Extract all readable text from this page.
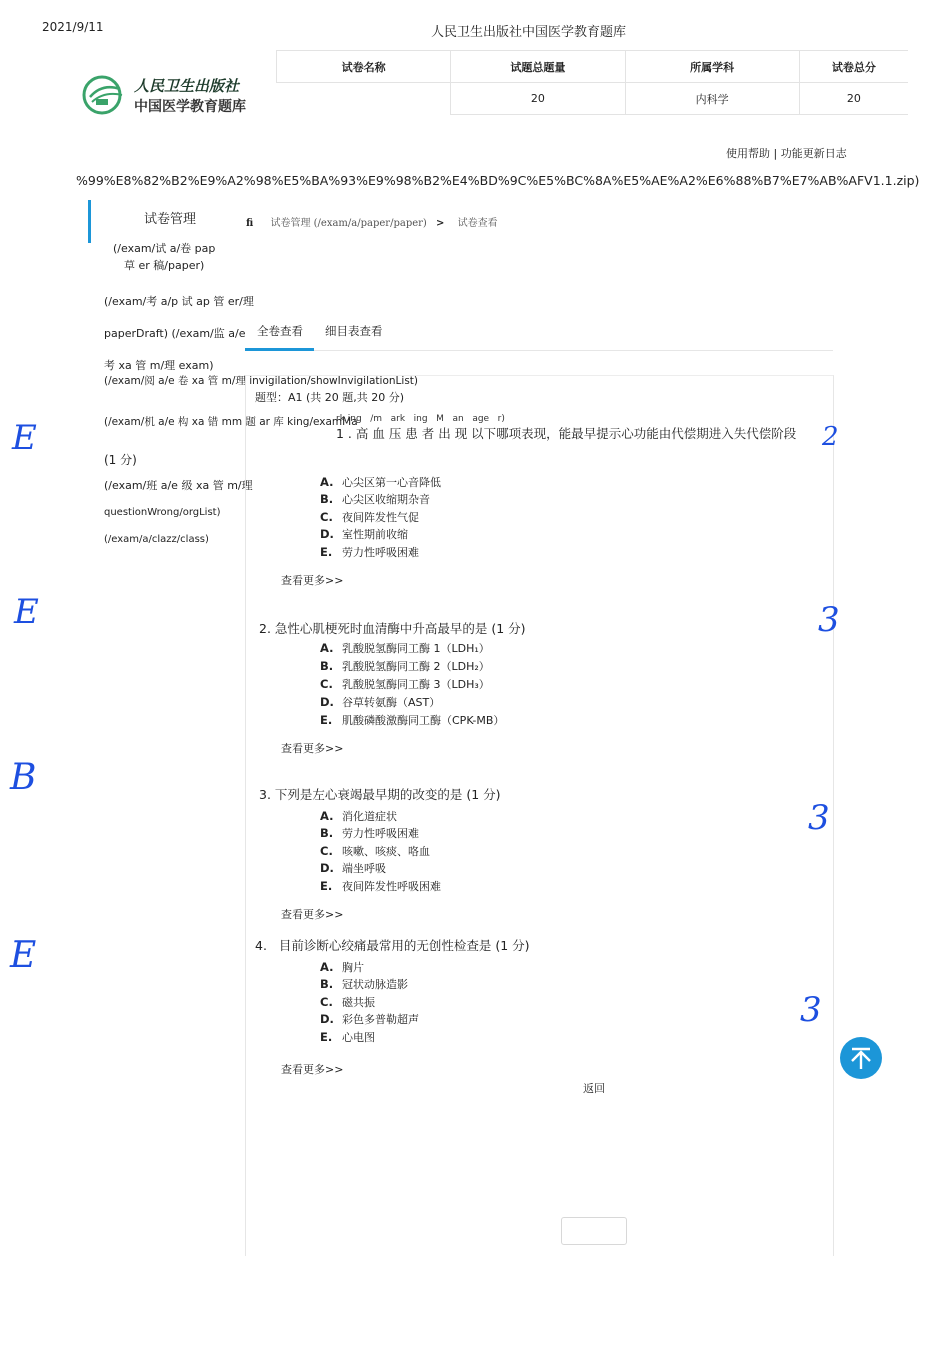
2021/9/11	人民卫生出版社中国医学教育题库
人民卫生出版社
中国医学教育题库
试卷名称	试题总题量	所属学科	试卷总分
	20	内科学	20
使用帮助 | 功能更新日志
%99%E8%82%B2%E9%A2%98%E5%BA%93%E9%98%B2%E4%BD%9C%E5%BC%8A%E5%AE%A2%E6%88%B7%E7%AB%AFV1.1.zip)
试卷管理
(/exam/试 a/卷 pap
草 er 稿/paper)
(/exam/考 a/p 试 ap 管 er/理
paperDraft) (/exam/监 a/e
考 xa 管 m/理 exam)
(/exam/阅 a/e 卷 xa 管 m/理 invigilation/showInvigilationList)
(/exam/机 a/e 构 xa 错 mm 题 ar 库 king/examMa
(1 分)
(/exam/班 a/e 级 xa 管 m/理
questionWrong/orgList)
(/exam/a/clazz/class)
fi 试卷管理 (/exam/a/paper/paper) > 试卷查看
全卷查看 细目表查看
题型：A1 (共 20 题,共 20 分)
rk ing   /m   ark   ing   M   an   age   r)
1 . 高 血 压 患 者 出 现 以下哪项表现，能最早提示心功能由代偿期进入失代偿阶段
A. 心尖区第一心音降低
B. 心尖区收缩期杂音
C. 夜间阵发性气促
D. 室性期前收缩
E. 劳力性呼吸困难
查看更多>>
2. 急性心肌梗死时血清酶中升高最早的是 (1 分)
A. 乳酸脱氢酶同工酶 1（LDH₁）
B. 乳酸脱氢酶同工酶 2（LDH₂）
C. 乳酸脱氢酶同工酶 3（LDH₃）
D. 谷草转氨酶（AST）
E. 肌酸磷酸激酶同工酶（CPK-MB）
查看更多>>
3. 下列是左心衰竭最早期的改变的是 (1 分)
A. 消化道症状
B. 劳力性呼吸困难
C. 咳嗽、咳痰、咯血
D. 端坐呼吸
E. 夜间阵发性呼吸困难
查看更多>>
4.   目前诊断心绞痛最常用的无创性检查是 (1 分)
A. 胸片
B. 冠状动脉造影
C. 磁共振
D. 彩色多普勒超声
E. 心电图
查看更多>>
返回
E
E
B
E
2
3
3
3
